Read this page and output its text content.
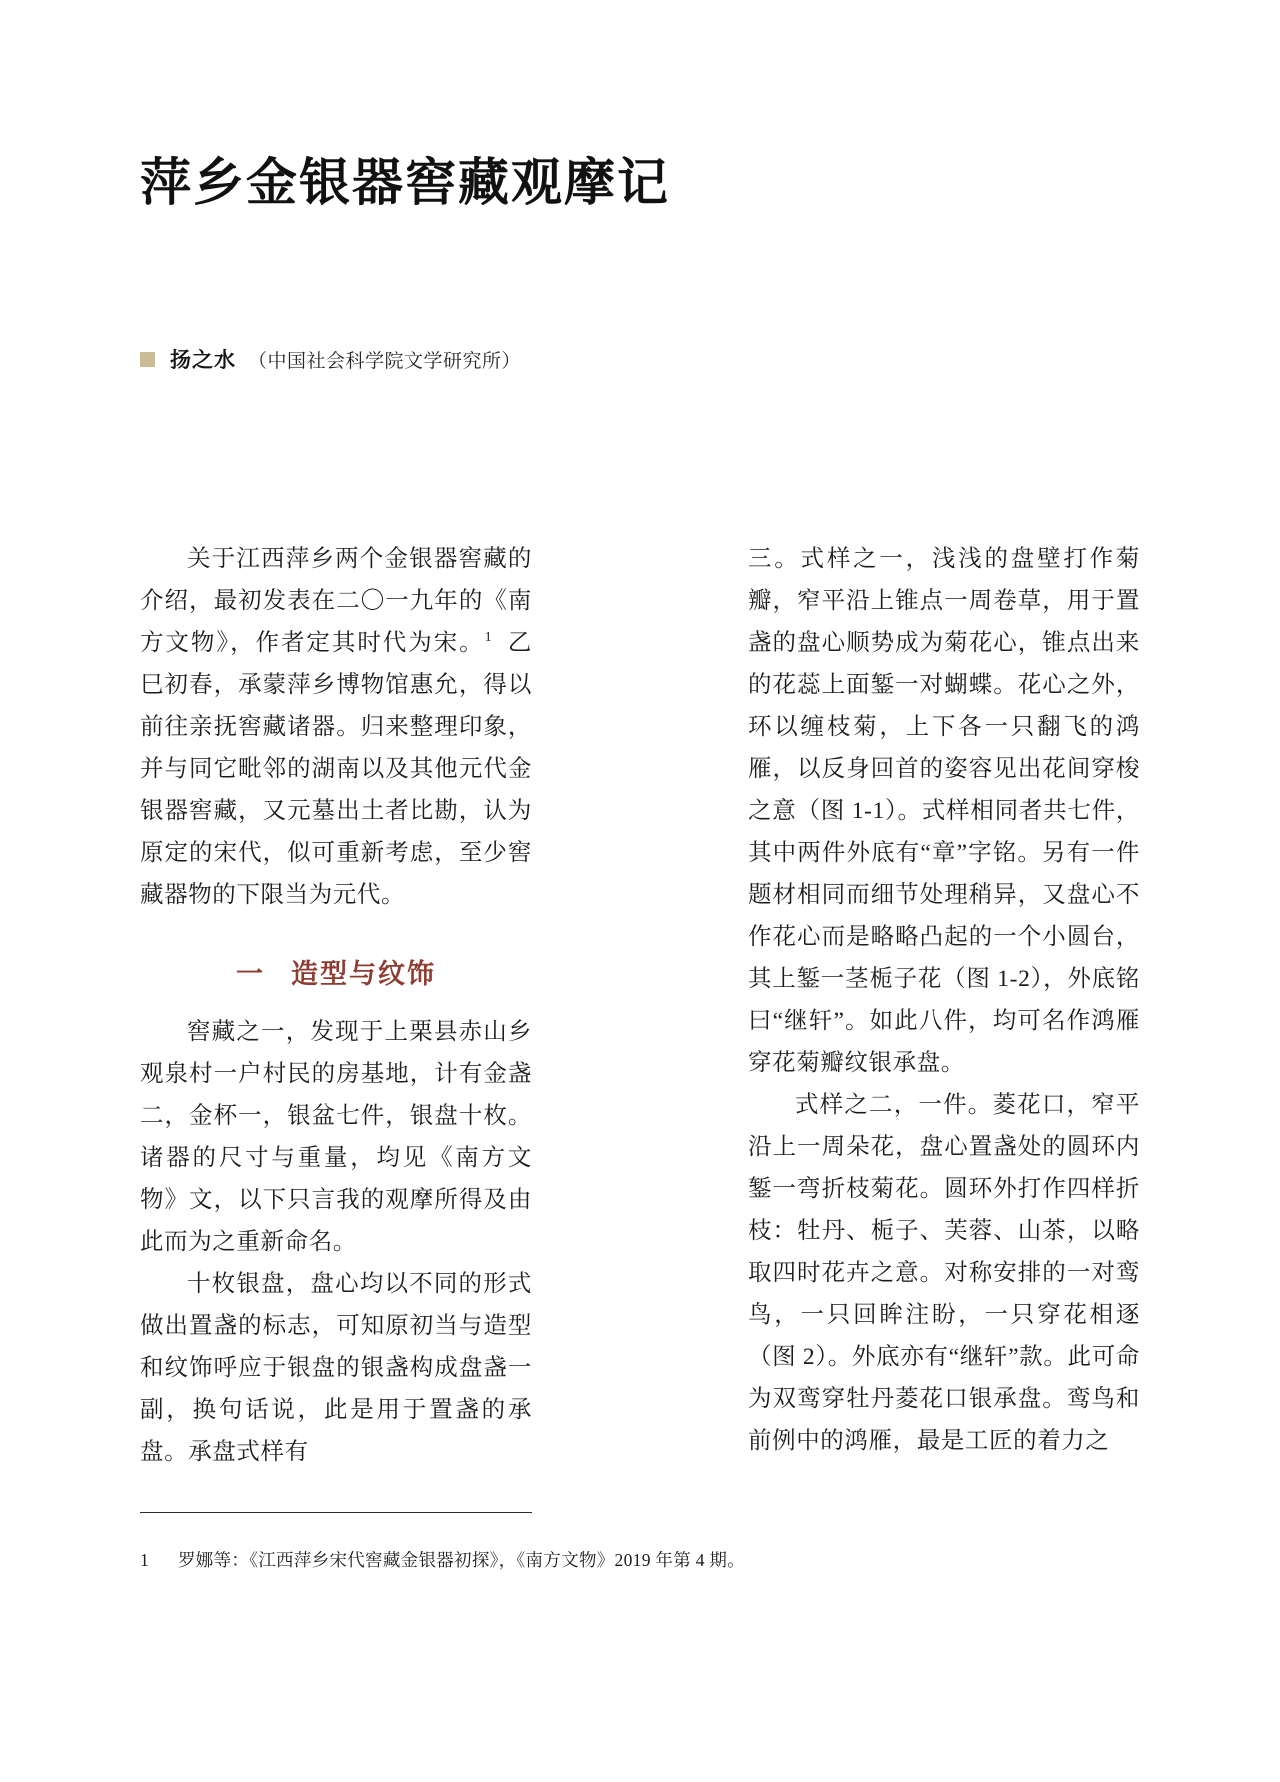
萍乡金银器窖藏观摩记
扬之水 （中国社会科学院文学研究所）

关于江西萍乡两个金银器窖藏的介绍，最初发表在二〇一九年的《南方文物》，作者定其时代为宋。$^1$ 乙巳初春，承蒙萍乡博物馆惠允，得以前往亲抚窖藏诸器。归来整理印象，并与同它毗邻的湖南以及其他元代金银器窖藏，又元墓出土者比勘，认为原定的宋代，似可重新考虑，至少窖藏器物的下限当为元代。

一 造型与纹饰

窖藏之一，发现于上栗县赤山乡观泉村一户村民的房基地，计有金盏二，金杯一，银盆七件，银盘十枚。诸器的尺寸与重量，均见《南方文物》文，以下只言我的观摩所得及由此而为之重新命名。

十枚银盘，盘心均以不同的形式做出置盏的标志，可知原初当与造型和纹饰呼应于银盘的银盏构成盘盏一副，换句话说，此是用于置盏的承盘。承盘式样有

三。式样之一，浅浅的盘壁打作菊瓣，窄平沿上锥点一周卷草，用于置盏的盘心顺势成为菊花心，锥点出来的花蕊上面錾一对蝴蝶。花心之外，环以缠枝菊，上下各一只翻飞的鸿雁，以反身回首的姿容见出花间穿梭之意（图 1-1）。式样相同者共七件，其中两件外底有“章”字铭。另有一件题材相同而细节处理稍异，又盘心不作花心而是略略凸起的一个小圆台，其上錾一茎栀子花（图 1-2），外底铭曰“继轩”。如此八件，均可名作鸿雁穿花菊瓣纹银承盘。

式样之二，一件。菱花口，窄平沿上一周朵花，盘心置盏处的圆环内錾一弯折枝菊花。圆环外打作四样折枝：牡丹、栀子、芙蓉、山茶，以略取四时花卉之意。对称安排的一对鸾鸟，一只回眸注盼，一只穿花相逐（图 2）。外底亦有“继轩”款。此可命为双鸾穿牡丹菱花口银承盘。鸾鸟和前例中的鸿雁，最是工匠的着力之

1	罗娜等：《江西萍乡宋代窖藏金银器初探》，《南方文物》2019 年第 4 期。
